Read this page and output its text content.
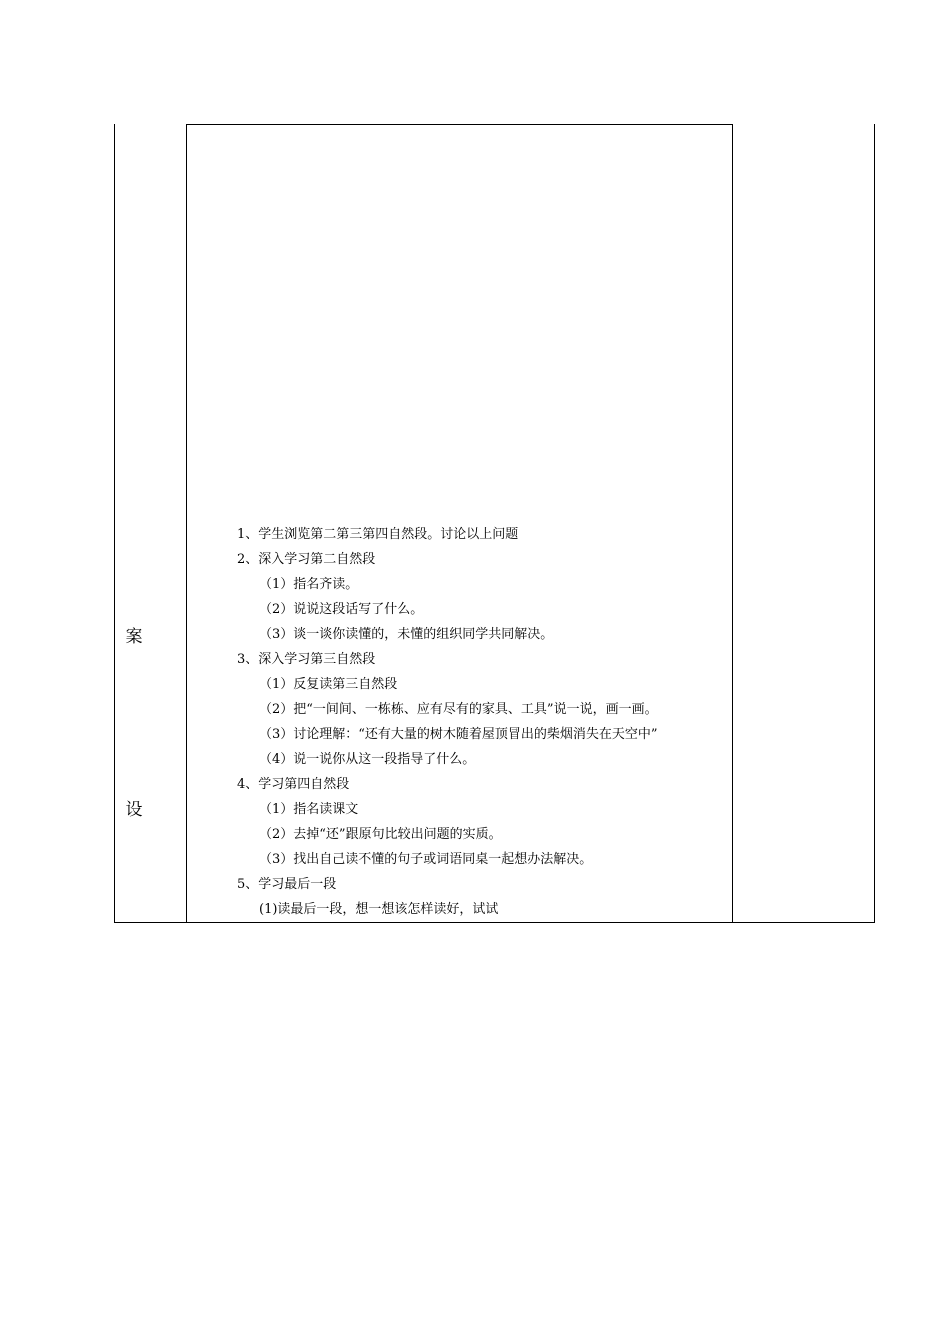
案
设
1、学生浏览第二第三第四自然段。讨论以上问题
2、深入学习第二自然段
（1）指名齐读。
（2）说说这段话写了什么。
（3）谈一谈你读懂的，未懂的组织同学共同解决。
3、深入学习第三自然段
（1）反复读第三自然段
（2）把“一间间、一栋栋、应有尽有的家具、工具”说一说，画一画。
（3）讨论理解：“还有大量的树木随着屋顶冒出的柴烟消失在天空中”
（4）说一说你从这一段指导了什么。
4、学习第四自然段
（1）指名读课文
（2）去掉“还”跟原句比较出问题的实质。
（3）找出自己读不懂的句子或词语同桌一起想办法解决。
5、学习最后一段
(1)读最后一段，想一想该怎样读好，试试
